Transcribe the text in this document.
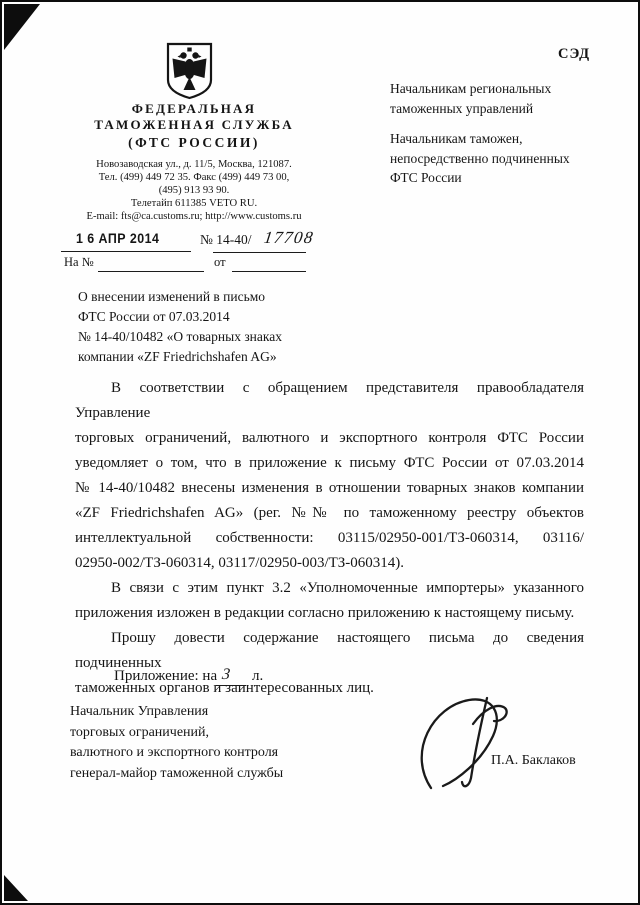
СЭД
ФЕДЕРАЛЬНАЯ
ТАМОЖЕННАЯ СЛУЖБА
(ФТС РОССИИ)
Новозаводская ул., д. 11/5, Москва, 121087.
Тел. (499) 449 72 35. Факс (499) 449 73 00,
(495) 913 93 90.
Телетайп 611385 VETO RU.
E-mail: fts@ca.customs.ru; http://www.customs.ru
1 6 АПР 2014	№ 14-40/ 17708
На №	от
Начальникам региональных
таможенных управлений
Начальникам таможен,
непосредственно подчиненных
ФТС России
О внесении изменений в письмо
ФТС России от 07.03.2014
№ 14-40/10482 «О товарных знаках
компании «ZF Friedrichshafen AG»
В соответствии с обращением представителя правообладателя Управление
торговых ограничений, валютного и экспортного контроля ФТС России
уведомляет о том, что в приложение к письму ФТС России от 07.03.2014
№ 14-40/10482 внесены изменения в отношении товарных знаков компании
«ZF Friedrichshafen AG» (рег. №№ по таможенному реестру объектов
интеллектуальной собственности: 03115/02950-001/ТЗ-060314, 03116/
02950-002/ТЗ-060314, 03117/02950-003/ТЗ-060314).
В связи с этим пункт 3.2 «Уполномоченные импортеры» указанного
приложения изложен в редакции согласно приложению к настоящему письму.
Прошу довести содержание настоящего письма до сведения подчиненных
таможенных органов и заинтересованных лиц.
Приложение: на 3 л.
Начальник Управления
торговых ограничений,
валютного и экспортного контроля
генерал-майор таможенной службы
П.А. Баклаков
